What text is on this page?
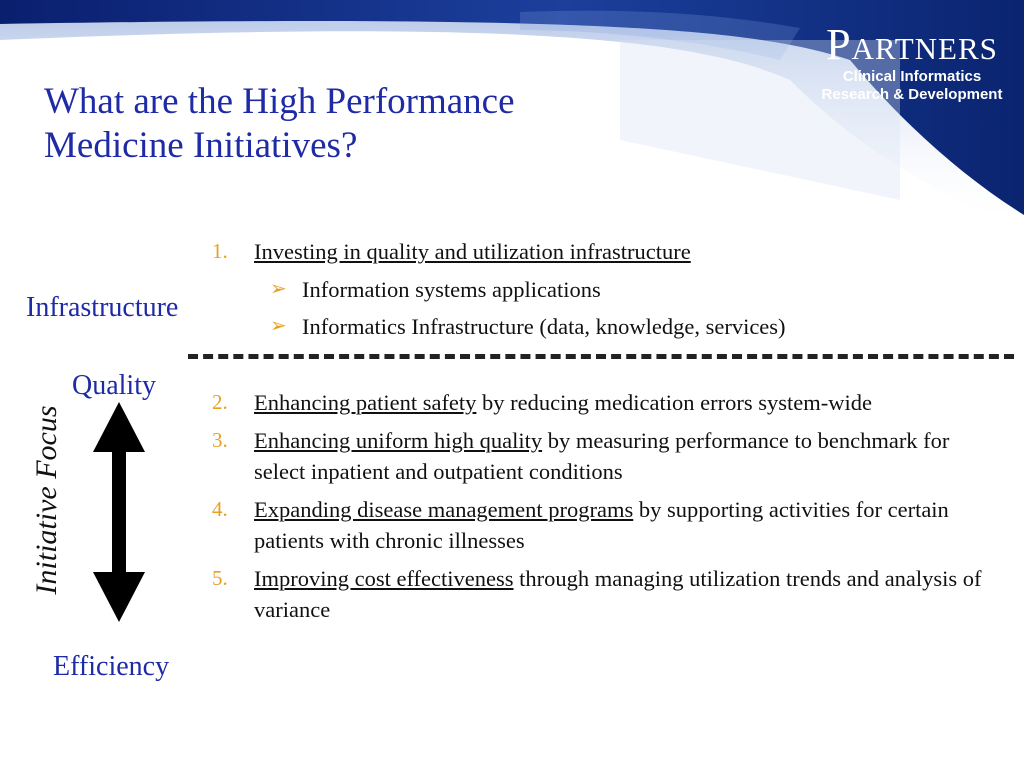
Partners
Clinical Informatics
Research & Development
What are the High Performance
Medicine Initiatives?
Infrastructure
Quality
Efficiency
Initiative Focus
1. Investing in quality and utilization infrastructure
➢ Information systems applications
➢ Informatics Infrastructure (data, knowledge, services)
2. Enhancing patient safety by reducing medication errors system-wide
3. Enhancing uniform high quality by measuring performance to benchmark for select inpatient and outpatient conditions
4. Expanding disease management programs by supporting activities for certain patients with chronic illnesses
5. Improving cost effectiveness through managing utilization trends and analysis of variance
